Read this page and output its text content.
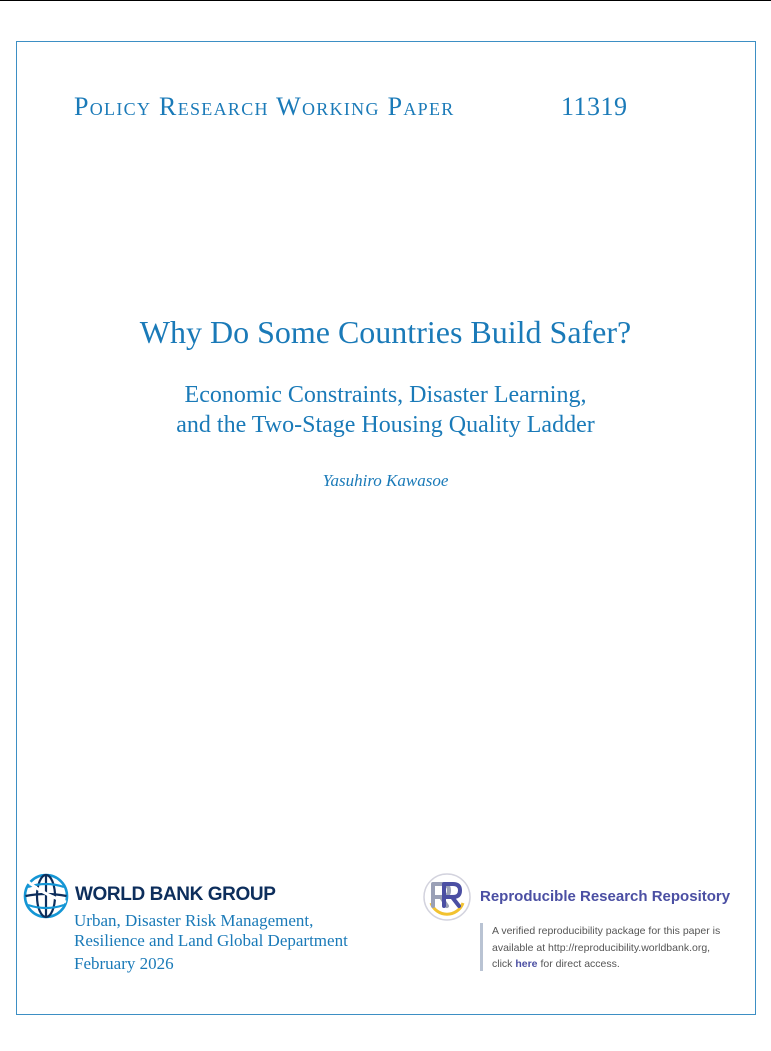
Policy Research Working Paper	11319
Why Do Some Countries Build Safer?
Economic Constraints, Disaster Learning,
and the Two-Stage Housing Quality Ladder
Yasuhiro Kawasoe
WORLD BANK GROUP
Urban, Disaster Risk Management,
Resilience and Land Global Department
February 2026
Reproducible Research Repository
A verified reproducibility package for this paper is
available at http://reproducibility.worldbank.org,
click here for direct access.
